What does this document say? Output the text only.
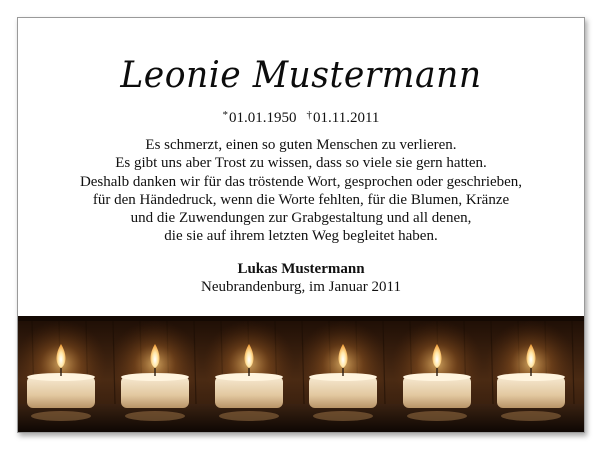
Leonie Mustermann
*01.01.1950 †01.11.2011
Es schmerzt, einen so guten Menschen zu verlieren.
Es gibt uns aber Trost zu wissen, dass so viele sie gern hatten.
Deshalb danken wir für das tröstende Wort, gesprochen oder geschrieben,
für den Händedruck, wenn die Worte fehlten, für die Blumen, Kränze
und die Zuwendungen zur Grabgestaltung und all denen,
die sie auf ihrem letzten Weg begleitet haben.
Lukas Mustermann
Neubrandenburg, im Januar 2011
